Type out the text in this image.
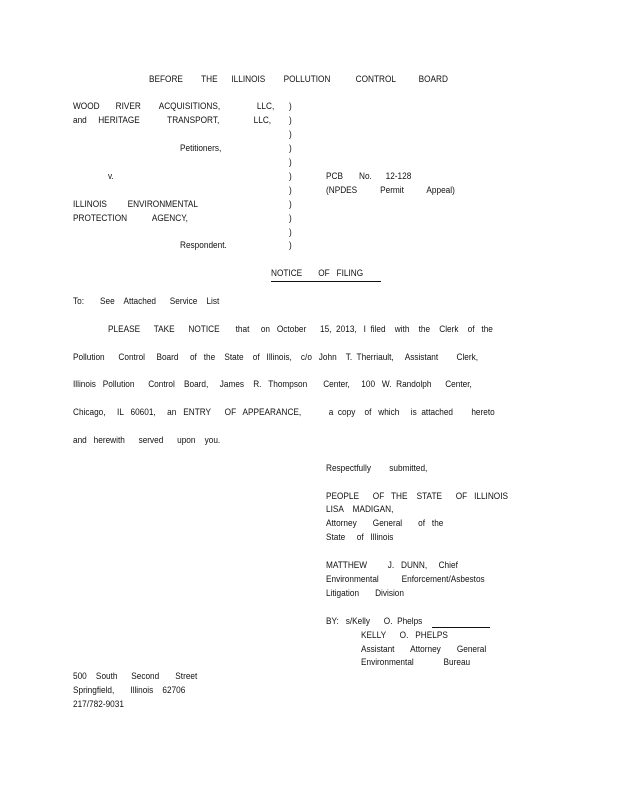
BEFORE        THE      ILLINOIS        POLLUTION           CONTROL          BOARD
WOOD       RIVER        ACQUISITIONS,                LLC,
and     HERITAGE            TRANSPORT,               LLC,
Petitioners,
v.
ILLINOIS         ENVIRONMENTAL
PROTECTION           AGENCY,
Respondent.
)
)
)
)
)
)
)
)
)
)
)
PCB       No.      12-128
(NPDES          Permit          Appeal)
NOTICE       OF   FILING
To:       See    Attached      Service    List
PLEASE      TAKE      NOTICE       that     on   October      15,  2013,   I  filed    with    the    Clerk    of   the
Pollution      Control     Board     of   the    State    of   Illinois,    c/o   John    T.  Therriault,     Assistant        Clerk,
Illinois   Pollution      Control    Board,     James    R.   Thompson       Center,     100   W.  Randolph      Center,
Chicago,     IL   60601,     an   ENTRY      OF   APPEARANCE,            a  copy    of   which     is  attached        hereto
and   herewith      served      upon    you.
Respectfully        submitted,
PEOPLE      OF   THE    STATE      OF   ILLINOIS
LISA    MADIGAN,
Attorney       General       of   the
State     of   Illinois
MATTHEW         J.   DUNN,     Chief
Environmental          Enforcement/Asbestos
Litigation       Division
BY:   s/Kelly      O.  Phelps
KELLY      O.   PHELPS
Assistant       Attorney       General
Environmental             Bureau
500    South      Second       Street
Springfield,       Illinois    62706
217/782-9031
